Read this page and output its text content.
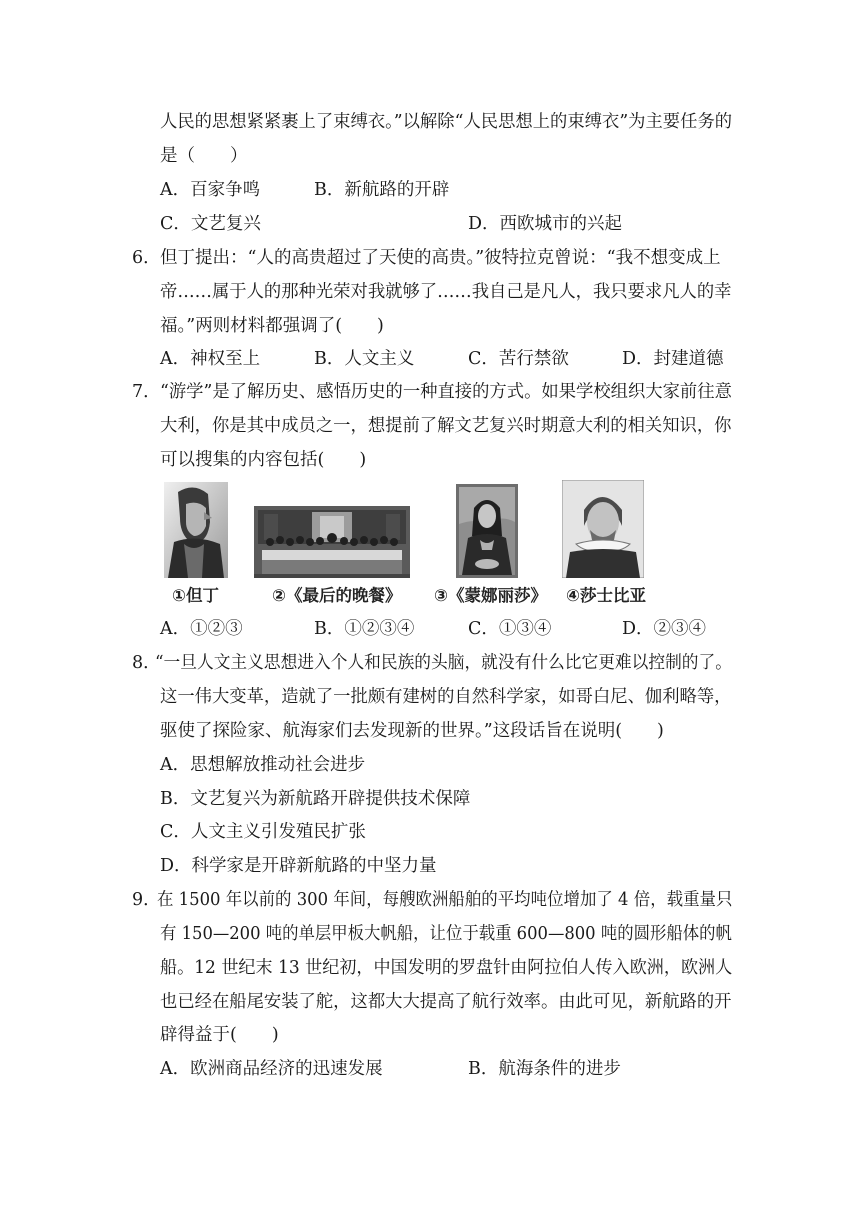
人民的思想紧紧裹上了束缚衣。”以解除“人民思想上的束缚衣”为主要任务的
是（　　）
A．百家争鸣	B．新航路的开辟
C．文艺复兴	D．西欧城市的兴起
6． 但丁提出：“人的高贵超过了天使的高贵。”彼特拉克曾说：“我不想变成上
帝……属于人的那种光荣对我就够了……我自己是凡人，我只要求凡人的幸
福。”两则材料都强调了(　　)
A．神权至上	B．人文主义	C．苦行禁欲	D．封建道德
7． “游学”是了解历史、感悟历史的一种直接的方式。如果学校组织大家前往意
大利，你是其中成员之一，想提前了解文艺复兴时期意大利的相关知识，你
可以搜集的内容包括(　　)
①但丁	②《最后的晚餐》 ③《蒙娜丽莎》 ④莎士比亚
A．①②③	B．①②③④	C．①③④	D．②③④
8．
“一旦人文主义思想进入个人和民族的头脑，就没有什么比它更难以控制的了。
这一伟大变革，造就了一批颇有建树的自然科学家，如哥白尼、伽利略等，
驱使了探险家、航海家们去发现新的世界。”这段话旨在说明(　　)
A．思想解放推动社会进步
B．文艺复兴为新航路开辟提供技术保障
C．人文主义引发殖民扩张
D．科学家是开辟新航路的中坚力量
9．
在 1500 年以前的 300 年间，每艘欧洲船舶的平均吨位增加了 4 倍，载重量只
有 150—200 吨的单层甲板大帆船，让位于载重 600—800 吨的圆形船体的帆
船。12 世纪末 13 世纪初，中国发明的罗盘针由阿拉伯人传入欧洲，欧洲人
也已经在船尾安装了舵，这都大大提高了航行效率。由此可见，新航路的开
辟得益于(　　)
A．欧洲商品经济的迅速发展	B．航海条件的进步
